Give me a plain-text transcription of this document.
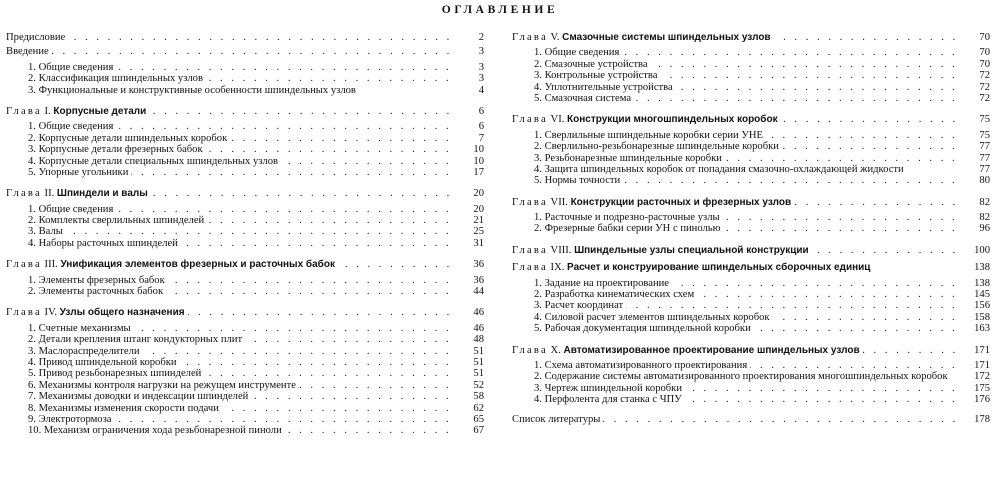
ОГЛАВЛЕНИЕ
. . .
Предисловие	2
. . .
Введение	3
. . .
1. Общие сведения	3
. . .
2. Классификация шпиндельных узлов	3
3. Функциональные и конструктивные особенности шпиндельных узлов	4
. . .
Глава I. Корпусные детали	6
. . .
1. Общие сведения	6
. . .
2. Корпусные детали шпиндельных коробок	7
. . .
3. Корпусные детали фрезерных бабок	10
. . .
4. Корпусные детали специальных шпиндельных узлов	10
. . .
5. Упорные угольники	17
. . .
Глава II. Шпиндели и валы	20
. . .
1. Общие сведения	20
. . .
2. Комплекты сверлильных шпинделей	21
. . .
3. Валы	25
. . .
4. Наборы расточных шпинделей	31
. . .
Глава III. Унификация элементов фрезерных и расточных бабок	36
. . .
1. Элементы фрезерных бабок	36
. . .
2. Элементы расточных бабок	44
. . .
Глава IV. Узлы общего назначения	46
. . .
1. Счетные механизмы	46
. . .
2. Детали крепления штанг кондукторных плит	48
. . .
3. Маслораспределители	51
. . .
4. Привод шпиндельной коробки	51
. . .
5. Привод резьбонарезных шпинделей	51
. . .
6. Механизмы контроля нагрузки на режущем инструменте	52
. . .
7. Механизмы доводки и индексации шпинделей	58
. . .
8. Механизмы изменения скорости подачи	62
. . .
9. Электротормоза	65
. . .
10. Механизм ограничения хода резьбонарезной пиноли	67
. . .
Глава V. Смазочные системы шпиндельных узлов	70
. . .
1. Общие сведения	70
. . .
2. Смазочные устройства	70
. . .
3. Контрольные устройства	72
. . .
4. Уплотнительные устройства	72
. . .
5. Смазочная система	72
. . .
Глава VI. Конструкции многошпиндельных коробок	75
. . .
1. Сверлильные шпиндельные коробки серии УНЕ	75
. . .
2. Сверлильно-резьбонарезные шпиндельные коробки	77
. . .
3. Резьбонарезные шпиндельные коробки	77
4. Защита шпиндельных коробок от попадания смазочно-охлаждающей жидкости	77
. . .
5. Нормы точности	80
. . .
Глава VII. Конструкции расточных и фрезерных узлов	82
. . .
1. Расточные и подрезно-расточные узлы	82
. . .
2. Фрезерные бабки серии УН с пинолью	96
. . .
Глава VIII. Шпиндельные узлы специальной конструкции	100
Глава IX. Расчет и конструирование шпиндельных сборочных единиц	138
. . .
1. Задание на проектирование	138
. . .
2. Разработка кинематических схем	145
. . .
3. Расчет координат	156
. . .
4. Силовой расчет элементов шпиндельных коробок	158
. . .
5. Рабочая документация шпиндельной коробки	163
. . .
Глава X. Автоматизированное проектирование шпиндельных узлов	171
. . .
1. Схема автоматизированного проектирования	171
2. Содержание системы автоматизированного проектирования многошпиндельных коробок	172
. . .
3. Чертеж шпиндельной коробки	175
. . .
4. Перфолента для станка с ЧПУ	176
. . .
Список литературы	178
